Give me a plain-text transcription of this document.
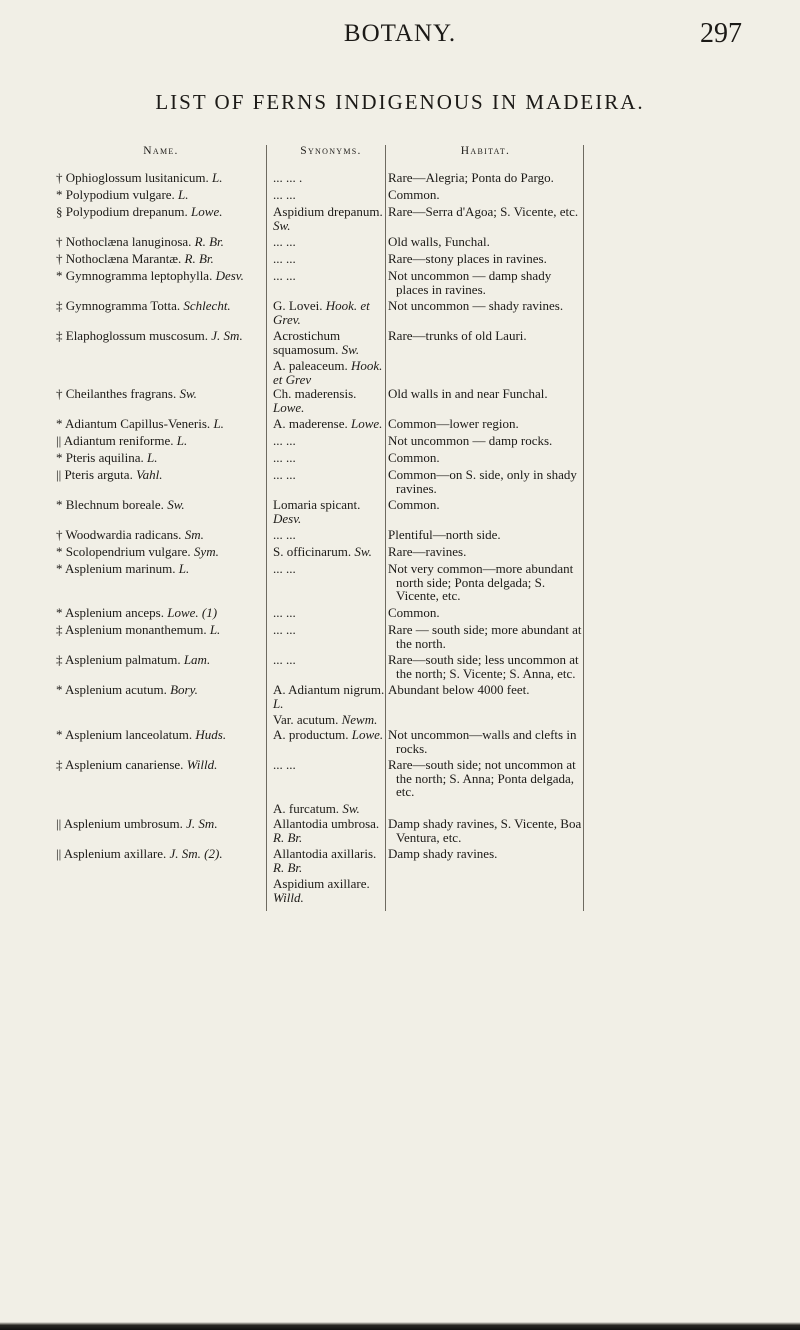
BOTANY.	297
LIST OF FERNS INDIGENOUS IN MADEIRA.
Name.
† Ophioglossum lusitanicum. L.
* Polypodium vulgare. L.
§ Polypodium drepanum. Lowe.
† Nothoclæna lanuginosa. R. Br.
† Nothoclæna Marantæ. R. Br.
* Gymnogramma leptophylla. Desv.
‡ Gymnogramma Totta. Schlecht.
‡ Elaphoglossum muscosum. J. Sm.
† Cheilanthes fragrans. Sw.
* Adiantum Capillus-Veneris. L.
|| Adiantum reniforme. L.
* Pteris aquilina. L.
|| Pteris arguta. Vahl.
* Blechnum boreale. Sw.
† Woodwardia radicans. Sm.
* Scolopendrium vulgare. Sym.
* Asplenium marinum. L.
* Asplenium anceps. Lowe. (1)
‡ Asplenium monanthemum. L.
‡ Asplenium palmatum. Lam.
* Asplenium acutum. Bory.
* Asplenium lanceolatum. Huds.
‡ Asplenium canariense. Willd.
|| Asplenium umbrosum. J. Sm.
|| Asplenium axillare. J. Sm. (2).
Synonyms.
... ... .
... ...
Aspidium drepanum. Sw.
... ...
... ...
... ...
G. Lovei. Hook. et Grev.
Acrostichum squamosum. Sw.
A. paleaceum. Hook. et Grev
Ch. maderensis. Lowe.
A. maderense. Lowe.
... ...
... ...
... ...
Lomaria spicant. Desv.
... ...
S. officinarum. Sw.
... ...
... ...
... ...
... ...
A. Adiantum nigrum. L.
Var. acutum. Newm.
A. productum. Lowe.
... ...
A. furcatum. Sw.
Allantodia umbrosa. R. Br.
Allantodia axillaris. R. Br.
Aspidium axillare. Willd.
Habitat.
Rare—Alegria; Ponta do Pargo.
Common.
Rare—Serra d'Agoa; S. Vicente, etc.
Old walls, Funchal.
Rare—stony places in ravines.
Not uncommon — damp shady places in ravines.
Not uncommon — shady ravines.
Rare—trunks of old Lauri.
Old walls in and near Funchal.
Common—lower region.
Not uncommon — damp rocks.
Common.
Common—on S. side, only in shady ravines.
Common.
Plentiful—north side.
Rare—ravines.
Not very common—more abundant north side; Ponta delgada; S. Vicente, etc.
Common.
Rare — south side; more abundant at the north.
Rare—south side; less uncommon at the north; S. Vicente; S. Anna, etc.
Abundant below 4000 feet.
Not uncommon—walls and clefts in rocks.
Rare—south side; not uncommon at the north; S. Anna; Ponta delgada, etc.
Damp shady ravines, S. Vicente, Boa Ventura, etc.
Damp shady ravines.
